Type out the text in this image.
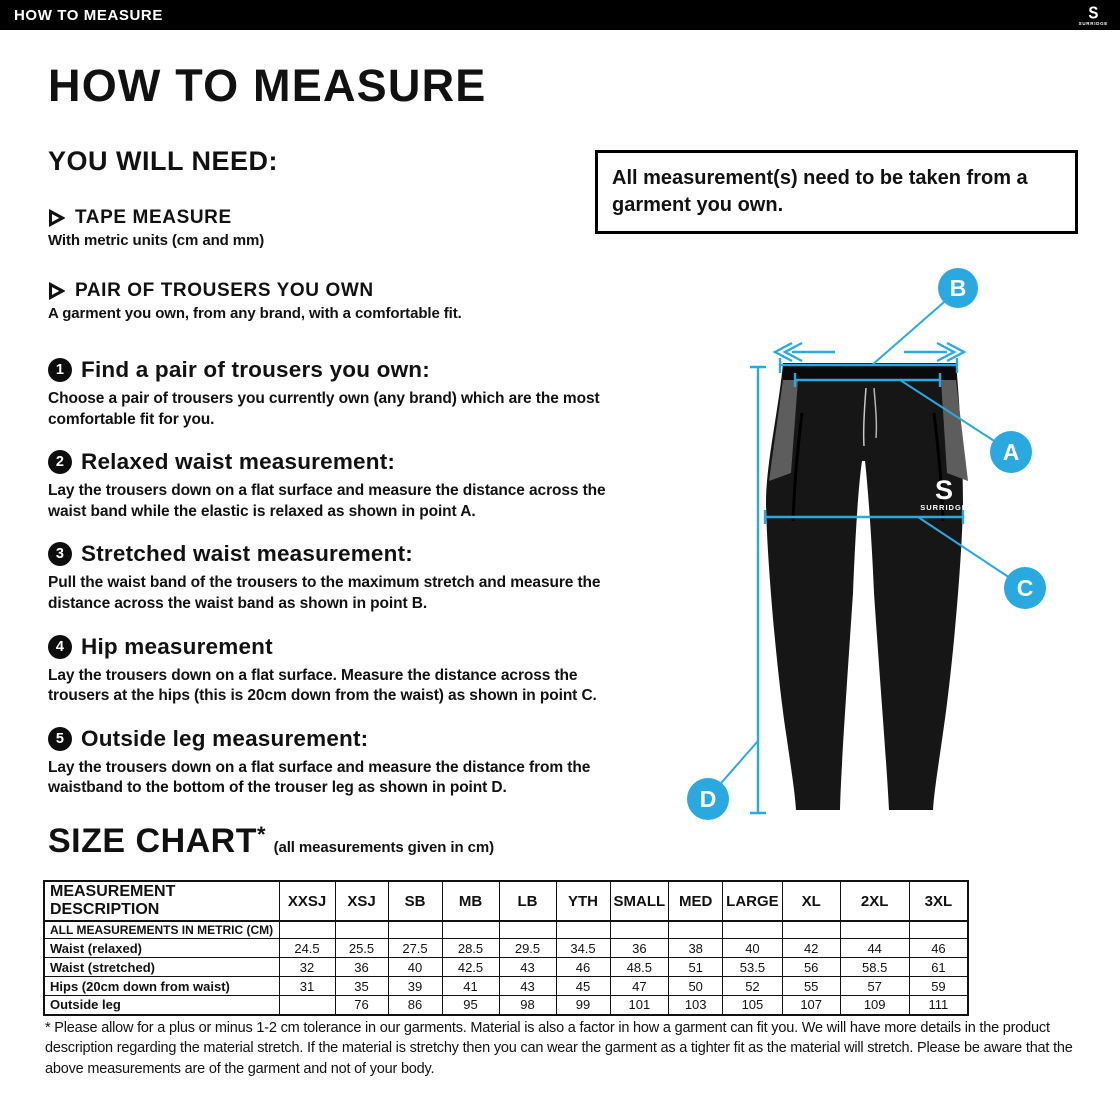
HOW TO MEASURE	S
SURRIDGE
HOW TO MEASURE
YOU WILL NEED:
All measurement(s) need to be taken from a garment you own.
TAPE MEASURE
With metric units (cm and mm)
PAIR OF TROUSERS YOU OWN
A garment you own, from any brand, with a comfortable fit.
1 Find a pair of trousers you own:
Choose a pair of trousers you currently own (any brand) which are the most comfortable fit for you.
2 Relaxed waist measurement:
Lay the trousers down on a flat surface and measure the distance across the waist band while the elastic is relaxed as shown in point A.
3 Stretched waist measurement:
Pull the waist band of the trousers to the maximum stretch and measure the distance across the waist band as shown in point B.
4 Hip measurement
Lay the trousers down on a flat surface. Measure the distance across the trousers at the hips (this is 20cm down from the waist) as shown in point C.
5 Outside leg measurement:
Lay the trousers down on a flat surface and measure the distance from the waistband to the bottom of the trouser leg as shown in point D.
S
SURRIDGE
B
A
C
D
SIZE CHART *
(all measurements given in cm)
MEASUREMENT DESCRIPTION	XXSJ	XSJ	SB	MB	LB	YTH	SMALL	MED	LARGE	XL	2XL	3XL
ALL MEASUREMENTS IN METRIC (CM)												
Waist (relaxed)	24.5	25.5	27.5	28.5	29.5	34.5	36	38	40	42	44	46
Waist (stretched)	32	36	40	42.5	43	46	48.5	51	53.5	56	58.5	61
Hips (20cm down from waist)	31	35	39	41	43	45	47	50	52	55	57	59
Outside leg		76	86	95	98	99	101	103	105	107	109	111
* Please allow for a plus or minus 1-2 cm tolerance in our garments. Material is also a factor in how a garment can fit you. We will have more details in the product description regarding the material stretch. If the material is stretchy then you can wear the garment as a tighter fit as the material will stretch. Please be aware that the above measurements are of the garment and not of your body.
